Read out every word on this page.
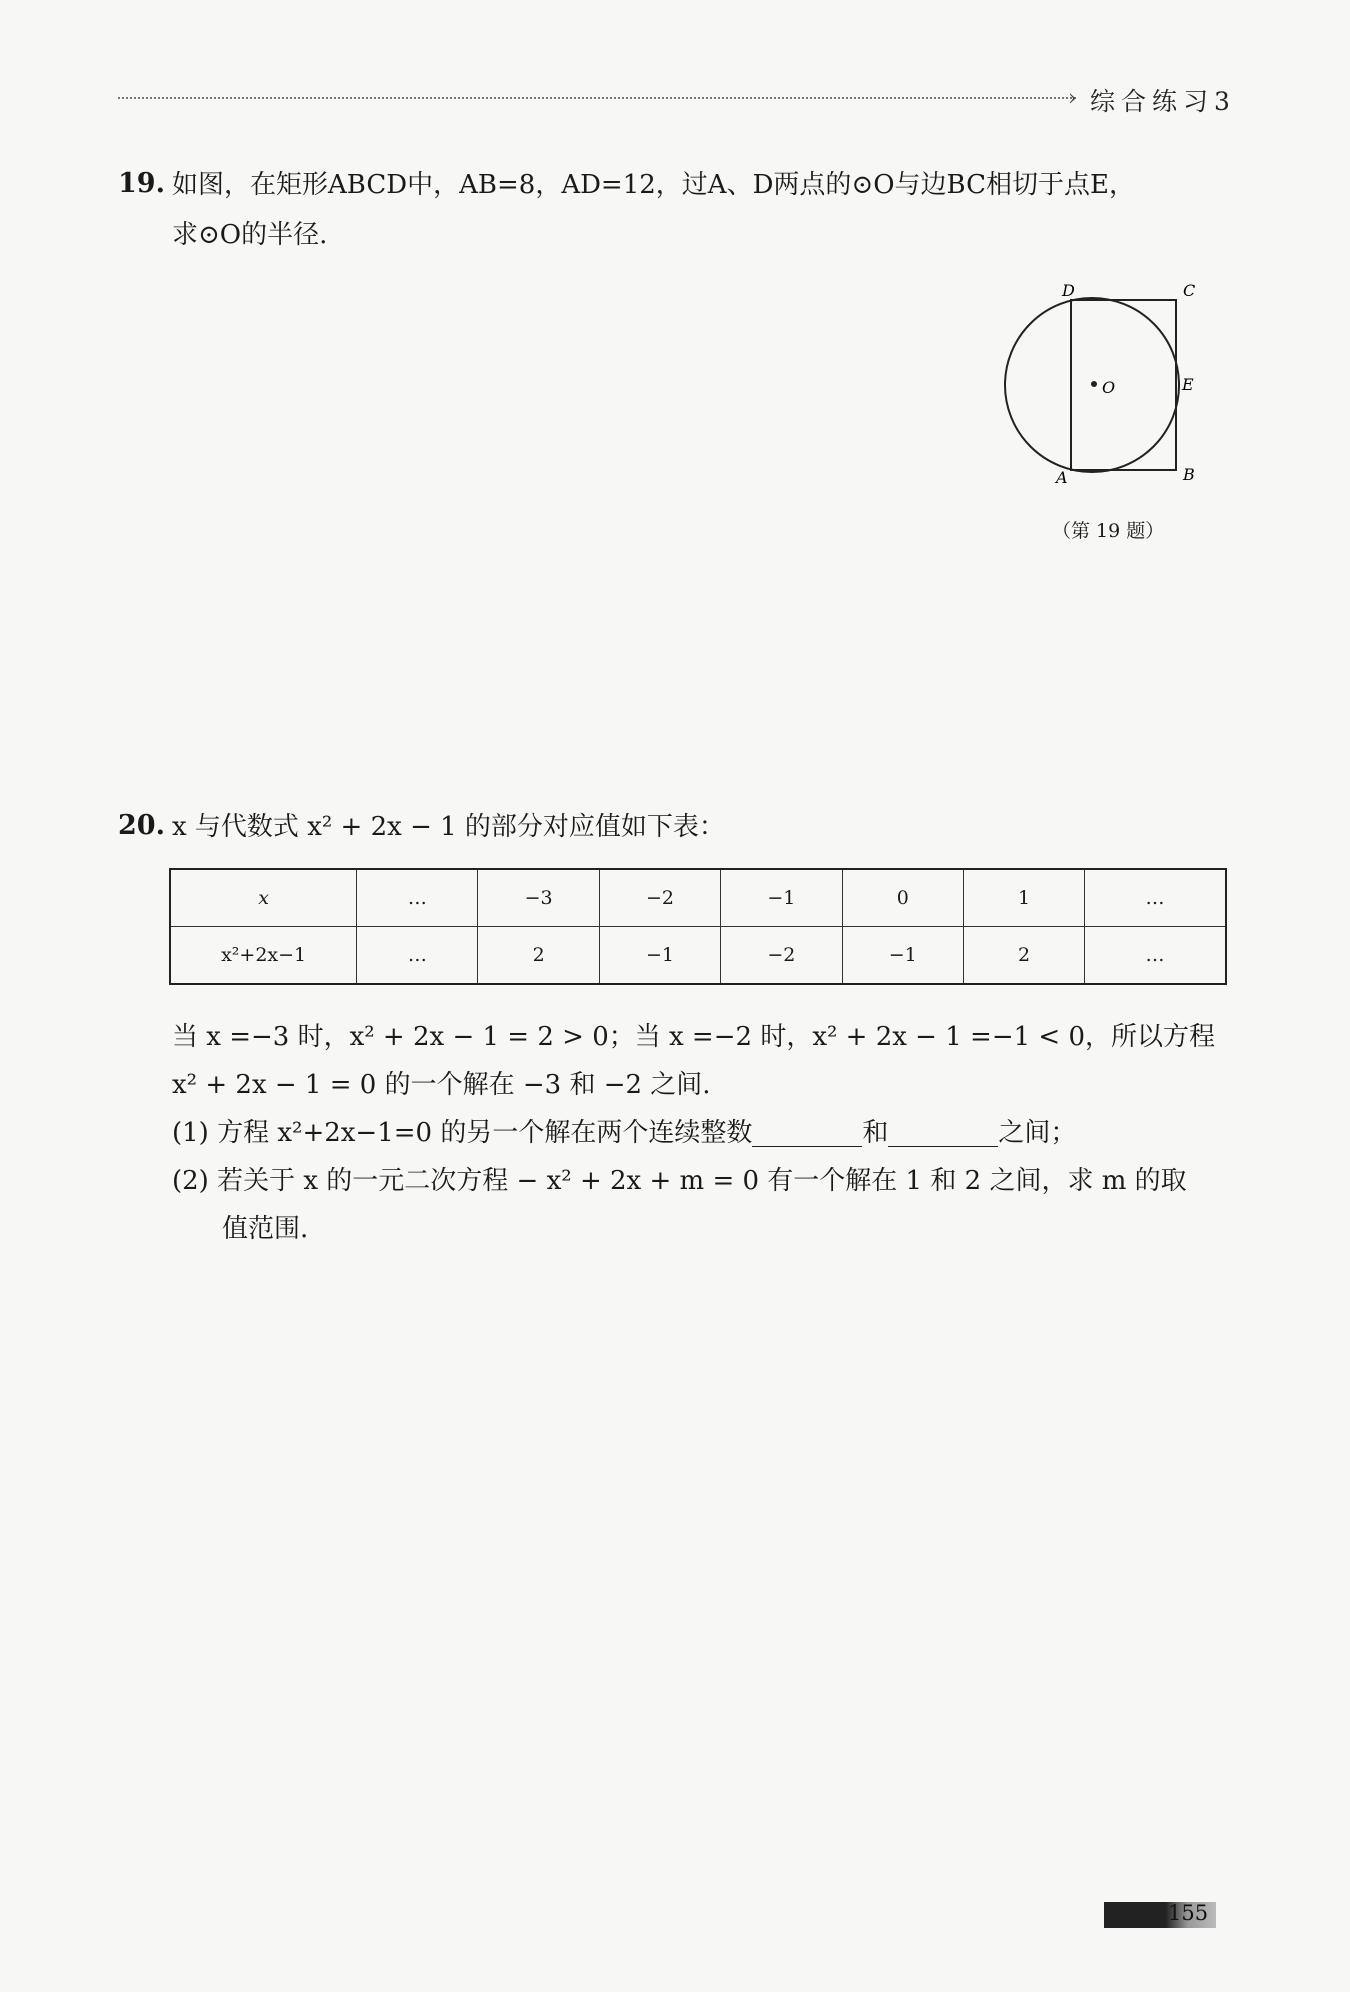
› 综合练习3
19. 如图，在矩形ABCD中，AB=8，AD=12，过A、D两点的⊙O与边BC相切于点E，
求⊙O的半径.
D	C
O	E
A	B
（第 19 题）
20. x 与代数式 x² + 2x − 1 的部分对应值如下表：
x	…	−3	−2	−1	0	1	…
x²+2x−1	…	2	−1	−2	−1	2	…
当 x =−3 时，x² + 2x − 1 = 2 > 0；当 x =−2 时，x² + 2x − 1 =−1 < 0，所以方程
x² + 2x − 1 = 0 的一个解在 −3 和 −2 之间.
(1) 方程 x²+2x−1=0 的另一个解在两个连续整数	和	之间；
(2) 若关于 x 的一元二次方程 − x² + 2x + m = 0 有一个解在 1 和 2 之间，求 m 的取
值范围.
155
